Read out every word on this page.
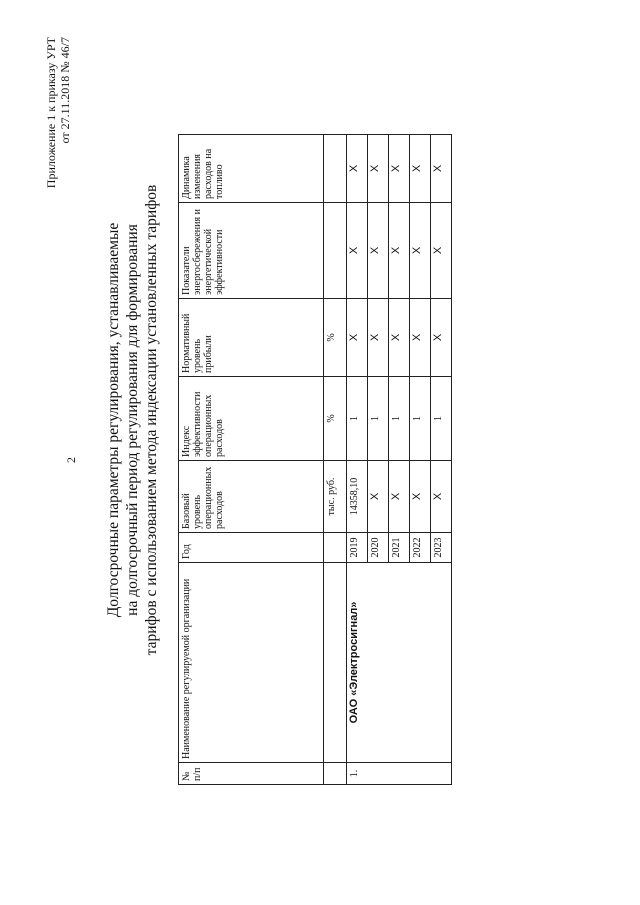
2
Приложение 1 к приказу УРТ от 27.11.2018 № 46/7
Долгосрочные параметры регулирования, устанавливаемые на долгосрочный период регулирования для формирования тарифов с использованием метода индексации установленных тарифов
№ п/п	Наименование регулируемой организации	Год	Базовый уровень операционных расходов	Индекс эффективности операционных расходов	Нормативный уровень прибыли	Показатели энергосбережения и энергетической эффективности	Динамика изменения расходов на топливо
			тыс. руб.	%	%		
1.	ОАО «Электросигнал»	2019	14358,10	1	Х	Х	Х
		2020	Х	1	Х	Х	Х
		2021	Х	1	Х	Х	Х
		2022	Х	1	Х	Х	Х
		2023	Х	1	Х	Х	Х
